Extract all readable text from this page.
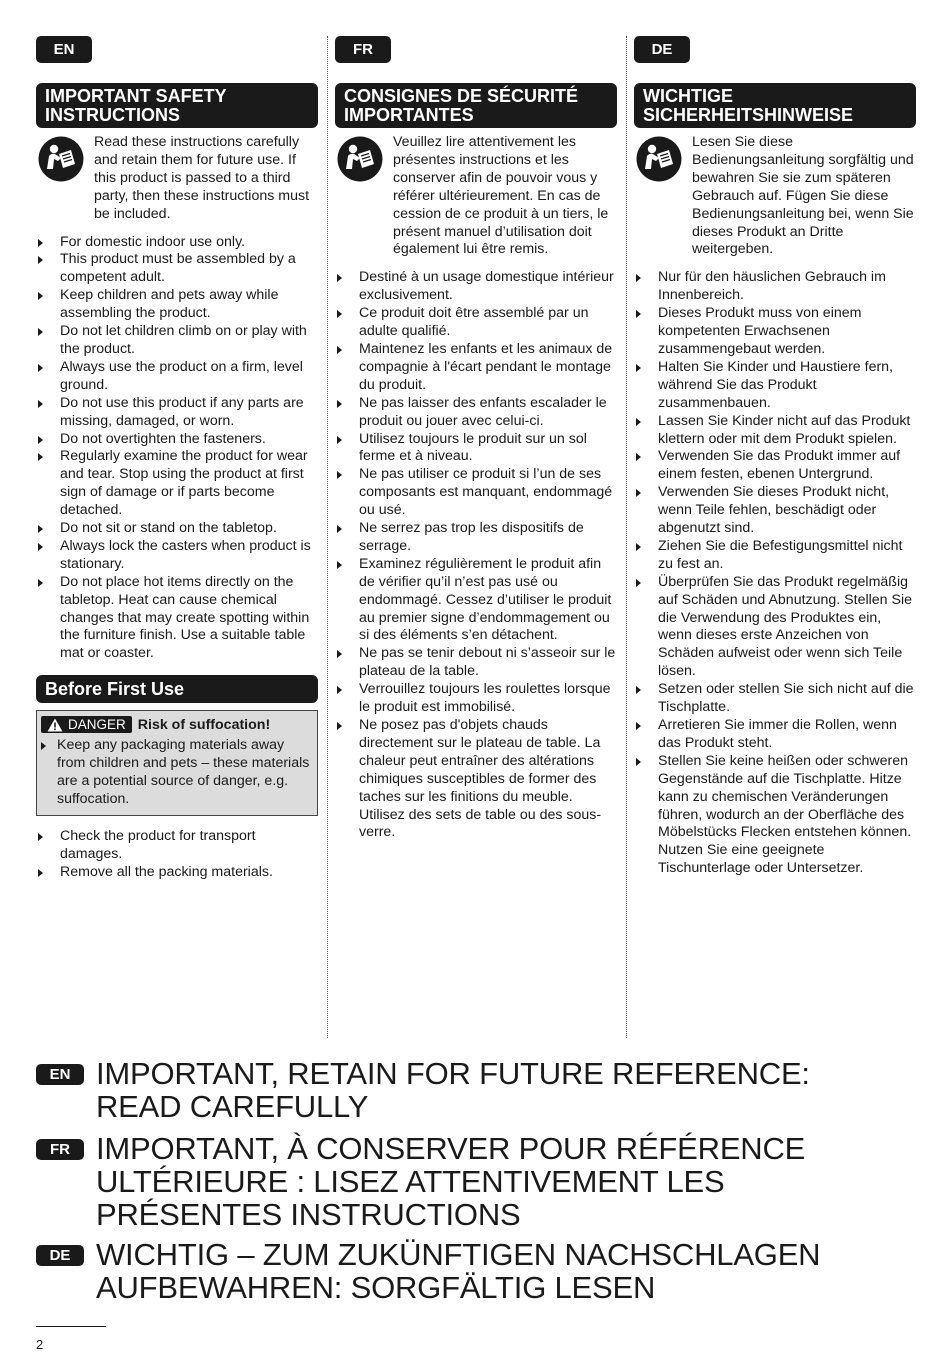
EN
IMPORTANT SAFETY
INSTRUCTIONS
Read these instructions carefully and retain them for future use. If this product is passed to a third party, then these instructions must be included.
For domestic indoor use only.
This product must be assembled by a competent adult.
Keep children and pets away while assembling the product.
Do not let children climb on or play with the product.
Always use the product on a firm, level ground.
Do not use this product if any parts are missing, damaged, or worn.
Do not overtighten the fasteners.
Regularly examine the product for wear and tear. Stop using the product at first sign of damage or if parts become detached.
Do not sit or stand on the tabletop.
Always lock the casters when product is stationary.
Do not place hot items directly on the tabletop. Heat can cause chemical changes that may create spotting within the furniture finish. Use a suitable table mat or coaster.
Before First Use
DANGER Risk of suffocation!
Keep any packaging materials away from children and pets – these materials are a potential source of danger, e.g. suffocation.
Check the product for transport damages.
Remove all the packing materials.
FR
CONSIGNES DE SÉCURITÉ
IMPORTANTES
Veuillez lire attentivement les présentes instructions et les conserver afin de pouvoir vous y référer ultérieurement. En cas de cession de ce produit à un tiers, le présent manuel d’utilisation doit également lui être remis.
Destiné à un usage domestique intérieur exclusivement.
Ce produit doit être assemblé par un adulte qualifié.
Maintenez les enfants et les animaux de compagnie à l'écart pendant le montage du produit.
Ne pas laisser des enfants escalader le produit ou jouer avec celui-ci.
Utilisez toujours le produit sur un sol ferme et à niveau.
Ne pas utiliser ce produit si l’un de ses composants est manquant, endommagé ou usé.
Ne serrez pas trop les dispositifs de serrage.
Examinez régulièrement le produit afin de vérifier qu’il n’est pas usé ou endommagé. Cessez d’utiliser le produit au premier signe d’endommagement ou si des éléments s’en détachent.
Ne pas se tenir debout ni s’asseoir sur le plateau de la table.
Verrouillez toujours les roulettes lorsque le produit est immobilisé.
Ne posez pas d'objets chauds directement sur le plateau de table. La chaleur peut entraîner des altérations chimiques susceptibles de former des taches sur les finitions du meuble. Utilisez des sets de table ou des sous-verre.
DE
WICHTIGE
SICHERHEITSHINWEISE
Lesen Sie diese Bedienungsanleitung sorgfältig und bewahren Sie sie zum späteren Gebrauch auf. Fügen Sie diese Bedienungsanleitung bei, wenn Sie dieses Produkt an Dritte weitergeben.
Nur für den häuslichen Gebrauch im Innenbereich.
Dieses Produkt muss von einem kompetenten Erwachsenen zusammengebaut werden.
Halten Sie Kinder und Haustiere fern, während Sie das Produkt zusammenbauen.
Lassen Sie Kinder nicht auf das Produkt klettern oder mit dem Produkt spielen.
Verwenden Sie das Produkt immer auf einem festen, ebenen Untergrund.
Verwenden Sie dieses Produkt nicht, wenn Teile fehlen, beschädigt oder abgenutzt sind.
Ziehen Sie die Befestigungsmittel nicht zu fest an.
Überprüfen Sie das Produkt regelmäßig auf Schäden und Abnutzung. Stellen Sie die Verwendung des Produktes ein, wenn dieses erste Anzeichen von Schäden aufweist oder wenn sich Teile lösen.
Setzen oder stellen Sie sich nicht auf die Tischplatte.
Arretieren Sie immer die Rollen, wenn das Produkt steht.
Stellen Sie keine heißen oder schweren Gegenstände auf die Tischplatte. Hitze kann zu chemischen Veränderungen führen, wodurch an der Oberfläche des Möbelstücks Flecken entstehen können. Nutzen Sie eine geeignete Tischunterlage oder Untersetzer.
EN IMPORTANT, RETAIN FOR FUTURE REFERENCE:
READ CAREFULLY
FR IMPORTANT, À CONSERVER POUR RÉFÉRENCE
ULTÉRIEURE : LISEZ ATTENTIVEMENT LES
PRÉSENTES INSTRUCTIONS
DE WICHTIG – ZUM ZUKÜNFTIGEN NACHSCHLAGEN
AUFBEWAHREN: SORGFÄLTIG LESEN
2
